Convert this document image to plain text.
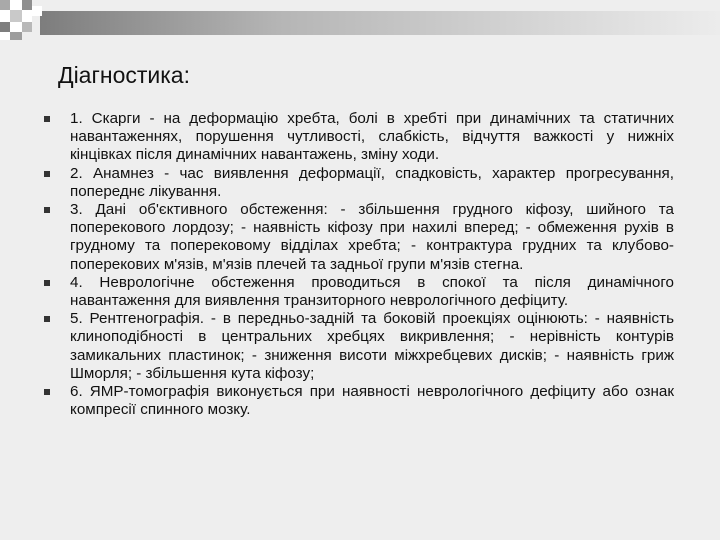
Діагностика:
1. Скарги - на деформацію хребта, болі в хребті при динамічних та статичних навантаженнях, порушення чутливості, слабкість, відчуття важкості у нижніх кінцівках після динамічних навантажень, зміну ходи.
2. Анамнез - час виявлення деформації, спадковість, характер прогресування, попереднє лікування.
3. Дані об'єктивного обстеження: - збільшення грудного кіфозу, шийного та поперекового лордозу; - наявність кіфозу при нахилі вперед; - обмеження рухів в грудному та поперековому відділах хребта; - контрактура грудних та клубово-поперекових м'язів, м'язів плечей та задньої групи м'язів стегна.
4. Неврологічне обстеження проводиться в спокої та після динамічного навантаження для виявлення транзиторного неврологічного дефіциту.
5. Рентгенографія. - в передньо-задній та боковій проекціях оцінюють: - наявність клиноподібності в центральних хребцях викривлення; - нерівність контурів замикальних пластинок; - зниження висоти міжхребцевих дисків; - наявність гриж Шморля; - збільшення кута кіфозу;
6. ЯМР-томографія виконується при наявності неврологічного дефіциту або ознак компресії спинного мозку.
